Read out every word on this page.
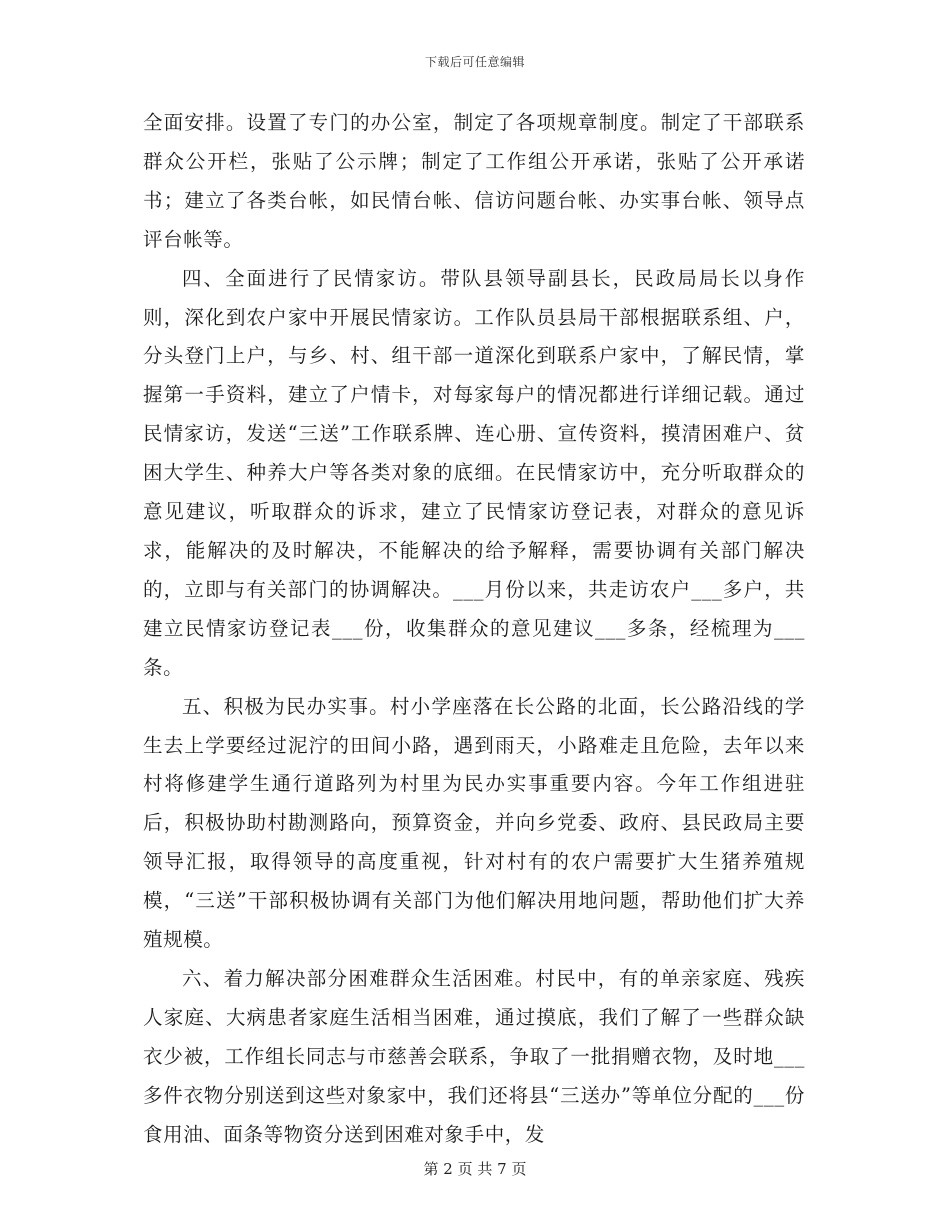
下载后可任意编辑

全面安排。设置了专门的办公室，制定了各项规章制度。制定了干部联系群众公开栏，张贴了公示牌；制定了工作组公开承诺，张贴了公开承诺书；建立了各类台帐，如民情台帐、信访问题台帐、办实事台帐、领导点评台帐等。

四、全面进行了民情家访。带队县领导副县长，民政局局长以身作则，深化到农户家中开展民情家访。工作队员县局干部根据联系组、户，分头登门上户，与乡、村、组干部一道深化到联系户家中，了解民情，掌握第一手资料，建立了户情卡，对每家每户的情况都进行详细记载。通过民情家访，发送“三送”工作联系牌、连心册、宣传资料，摸清困难户、贫困大学生、种养大户等各类对象的底细。在民情家访中，充分听取群众的意见建议，听取群众的诉求，建立了民情家访登记表，对群众的意见诉求，能解决的及时解决，不能解决的给予解释，需要协调有关部门解决的，立即与有关部门的协调解决。___月份以来，共走访农户___多户，共建立民情家访登记表___份，收集群众的意见建议___多条，经梳理为___条。

五、积极为民办实事。村小学座落在长公路的北面，长公路沿线的学生去上学要经过泥泞的田间小路，遇到雨天，小路难走且危险，去年以来村将修建学生通行道路列为村里为民办实事重要内容。今年工作组进驻后，积极协助村勘测路向，预算资金，并向乡党委、政府、县民政局主要领导汇报，取得领导的高度重视，针对村有的农户需要扩大生猪养殖规模，“三送”干部积极协调有关部门为他们解决用地问题，帮助他们扩大养殖规模。

六、着力解决部分困难群众生活困难。村民中，有的单亲家庭、残疾人家庭、大病患者家庭生活相当困难，通过摸底，我们了解了一些群众缺衣少被，工作组长同志与市慈善会联系，争取了一批捐赠衣物，及时地___多件衣物分别送到这些对象家中，我们还将县“三送办”等单位分配的___份食用油、面条等物资分送到困难对象手中，发

第 2 页 共 7 页
